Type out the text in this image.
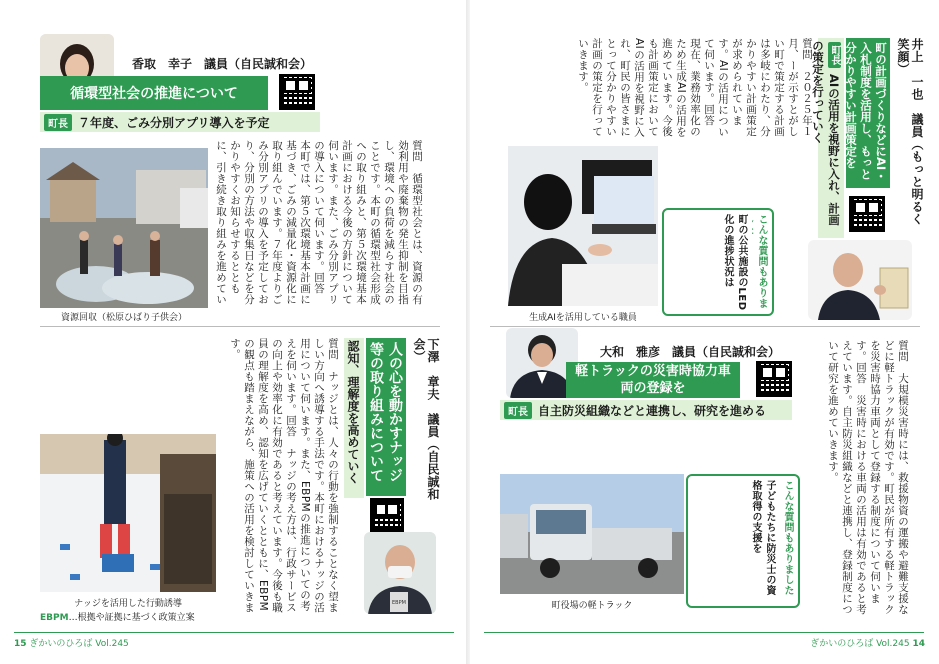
香取　幸子　議員（自民誠和会）
循環型社会の推進について
町長 ７年度、ごみ分別アプリ導入を予定
質問　循環型社会とは、資源の有効利用や廃棄物の発生抑制を目指し、環境への負荷を減らす社会のことです。本町の循環型社会形成への取り組みと、第５次環境基本計画における今後の方針について伺います。また、ごみ分別アプリの導入について伺います。回答　本町では、第５次環境基本計画に基づき、ごみの減量化・資源化に取り組んでいます。７年度よりごみ分別アプリの導入を予定しており、分別の方法や収集日などを分かりやすくお知らせするとともに、引き続き取り組みを進めてい
資源回収（松原ひばり子供会）
下澤　章夫　議員（自民誠和会）
人の心を動かすナッジ等の取り組みについて
認知、理解度を高めていく
質問　ナッジとは、人々の行動を強制することなく望ましい方向へ誘導する手法です。本町におけるナッジの活用について伺います。また、EBPMの推進についての考えを伺います。回答　ナッジの考え方は、行政サービスの向上や効率化に有効であると考えています。今後も職員の理解度を高め、認知を広げていくとともに、EBPMの観点も踏まえながら、施策への活用を検討していきます。
ナッジを活用した行動誘導	EBPM
EBPM…根拠や証拠に基づく政策立案
15 ぎかいのひろば Vol.245
井上　一也　議員（もっと明るく笑顔）
町の計画づくりなどにAI・入札制度を活用し、もっと分かりやすい計画策定を
町長AIの活用を視野に入れ、計画の策定を行っていく
質問　２０２５年１月、ーが示すとがしい町で策定する計画は多岐にわたり、分かりやすい計画策定が求められています。AIの活用について伺います。回答　現在、業務効率化のため生成AIの活用を進めています。今後も計画策定においてAIの活用を視野に入れ、町民の皆さまにとって分かりやすい計画の策定を行っていきます。
生成AIを活用している職員
こんな質問もありま
町の公共施設のLED化の進捗状況は
大和　雅彦　議員（自民誠和会）
軽トラックの災害時協力車両の登録を
町長 自主防災組織などと連携し、研究を進める	質問　大規模災害時には、救援物資の運搬や避難支援などに軽トラックが有効です。町民が所有する軽トラックを災害時協力車両として登録する制度について伺います。回答　災害時における車両の活用は有効であると考えています。自主防災組織などと連携し、登録制度について研究を進めていきます。
町役場の軽トラック
こんな質問もありました
子どもたちに防災士の資格取得の支援を
ぎかいのひろば Vol.245 14
